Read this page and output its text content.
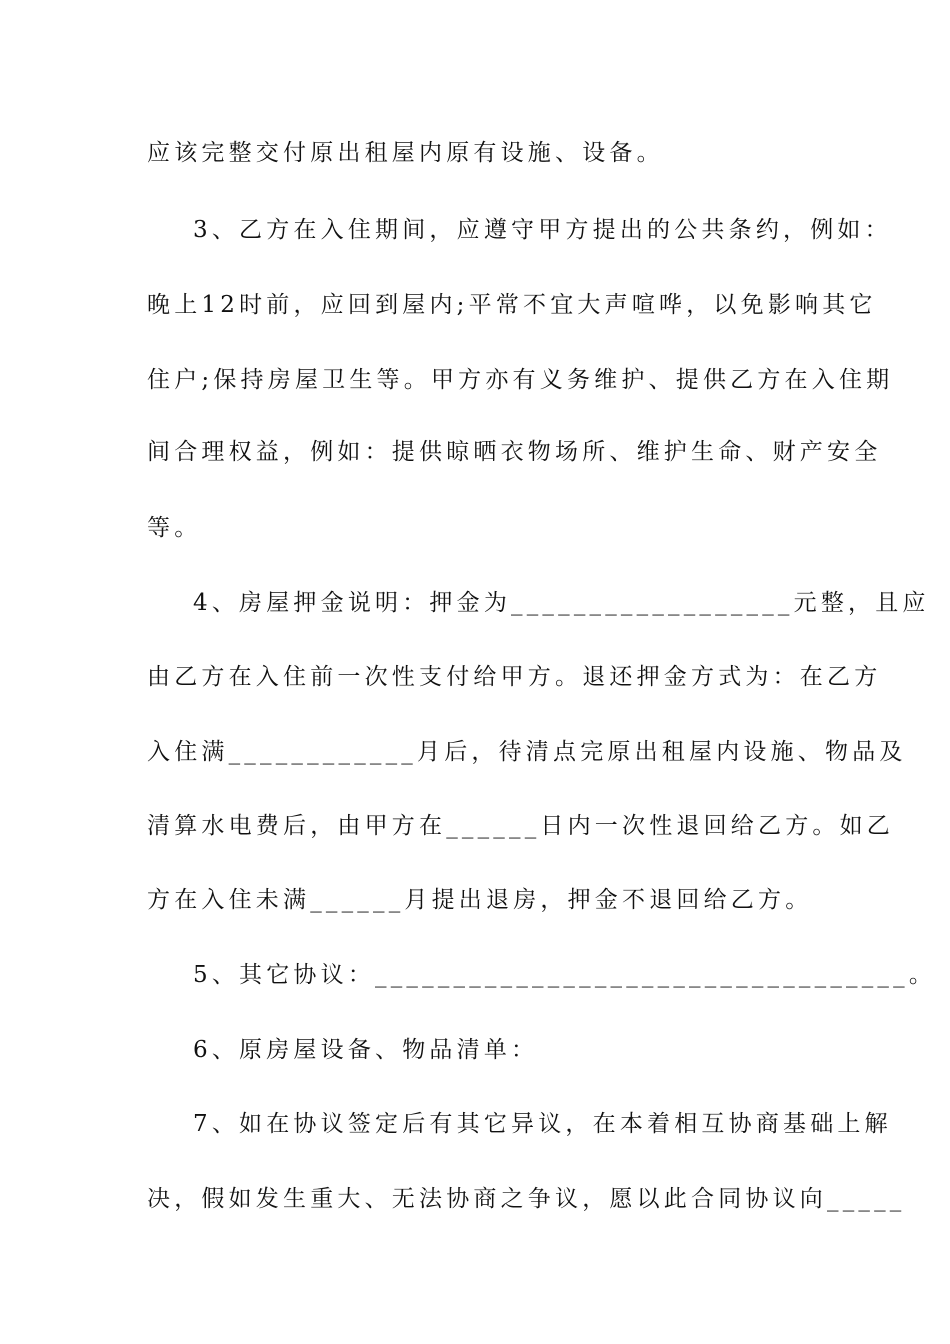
应该完整交付原出租屋内原有设施、设备。
3、乙方在入住期间，应遵守甲方提出的公共条约，例如：
晚上12时前，应回到屋内;平常不宜大声喧哗，以免影响其它
住户;保持房屋卫生等。甲方亦有义务维护、提供乙方在入住期
间合理权益，例如：提供晾晒衣物场所、维护生命、财产安全
等。
4、房屋押金说明：押金为__________________元整，且应
由乙方在入住前一次性支付给甲方。退还押金方式为：在乙方
入住满____________月后，待清点完原出租屋内设施、物品及
清算水电费后，由甲方在______日内一次性退回给乙方。如乙
方在入住未满______月提出退房，押金不退回给乙方。
5、其它协议：__________________________________。
6、原房屋设备、物品清单：
7、如在协议签定后有其它异议，在本着相互协商基础上解
决，假如发生重大、无法协商之争议，愿以此合同协议向_____
